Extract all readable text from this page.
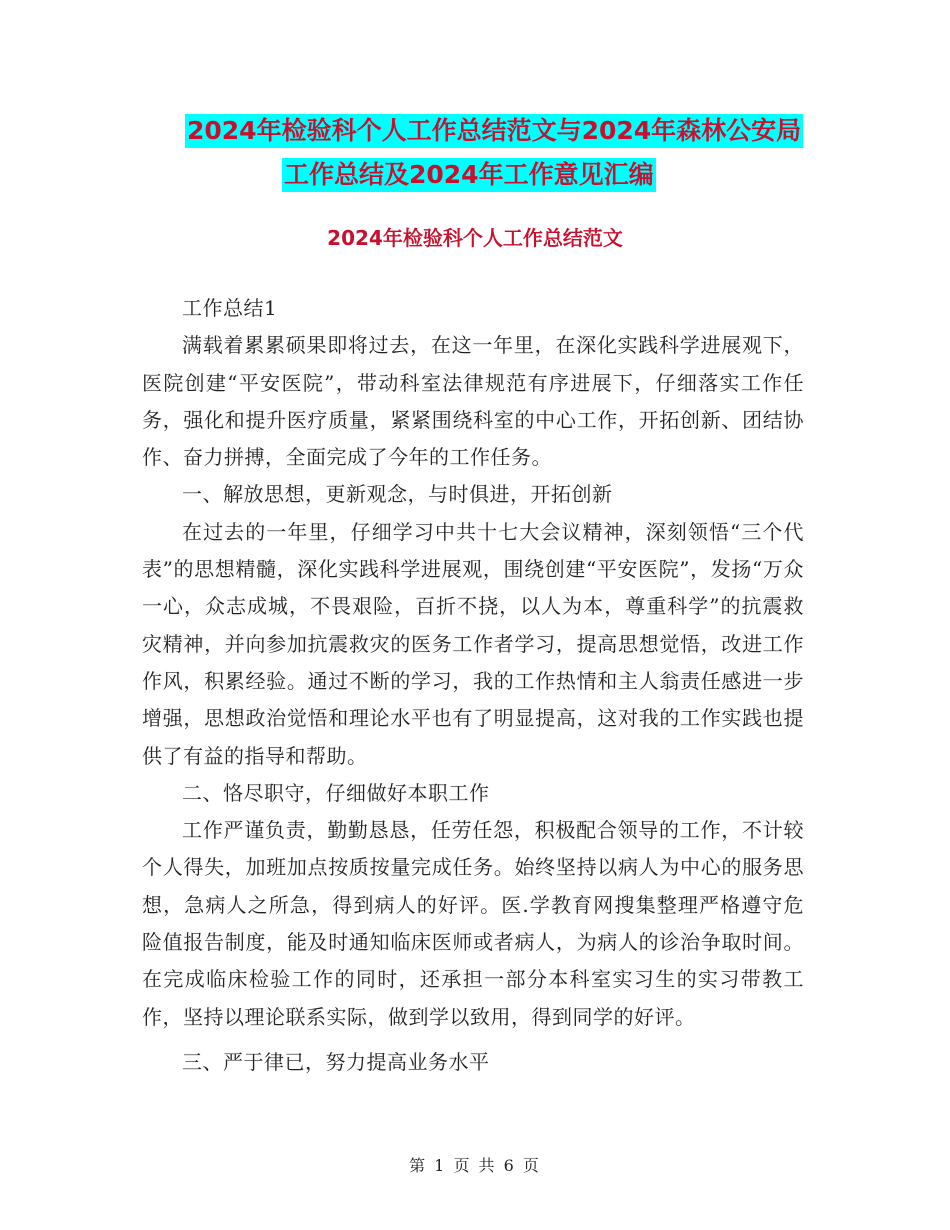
2024年检验科个人工作总结范文与2024年森林公安局
工作总结及2024年工作意见汇编
2024年检验科个人工作总结范文

工作总结1

满载着累累硕果即将过去，在这一年里，在深化实践科学进展观下，医院创建“平安医院”，带动科室法律规范有序进展下，仔细落实工作任务，强化和提升医疗质量，紧紧围绕科室的中心工作，开拓创新、团结协作、奋力拼搏，全面完成了今年的工作任务。

一、解放思想，更新观念，与时俱进，开拓创新

在过去的一年里，仔细学习中共十七大会议精神，深刻领悟“三个代表”的思想精髓，深化实践科学进展观，围绕创建“平安医院”，发扬“万众一心，众志成城，不畏艰险，百折不挠，以人为本，尊重科学”的抗震救灾精神，并向参加抗震救灾的医务工作者学习，提高思想觉悟，改进工作作风，积累经验。通过不断的学习，我的工作热情和主人翁责任感进一步增强，思想政治觉悟和理论水平也有了明显提高，这对我的工作实践也提供了有益的指导和帮助。

二、恪尽职守，仔细做好本职工作

工作严谨负责，勤勤恳恳，任劳任怨，积极配合领导的工作，不计较个人得失，加班加点按质按量完成任务。始终坚持以病人为中心的服务思想，急病人之所急，得到病人的好评。医.学教育网搜集整理严格遵守危险值报告制度，能及时通知临床医师或者病人，为病人的诊治争取时间。在完成临床检验工作的同时，还承担一部分本科室实习生的实习带教工作，坚持以理论联系实际，做到学以致用，得到同学的好评。

三、严于律已，努力提高业务水平

第 1 页 共 6 页
